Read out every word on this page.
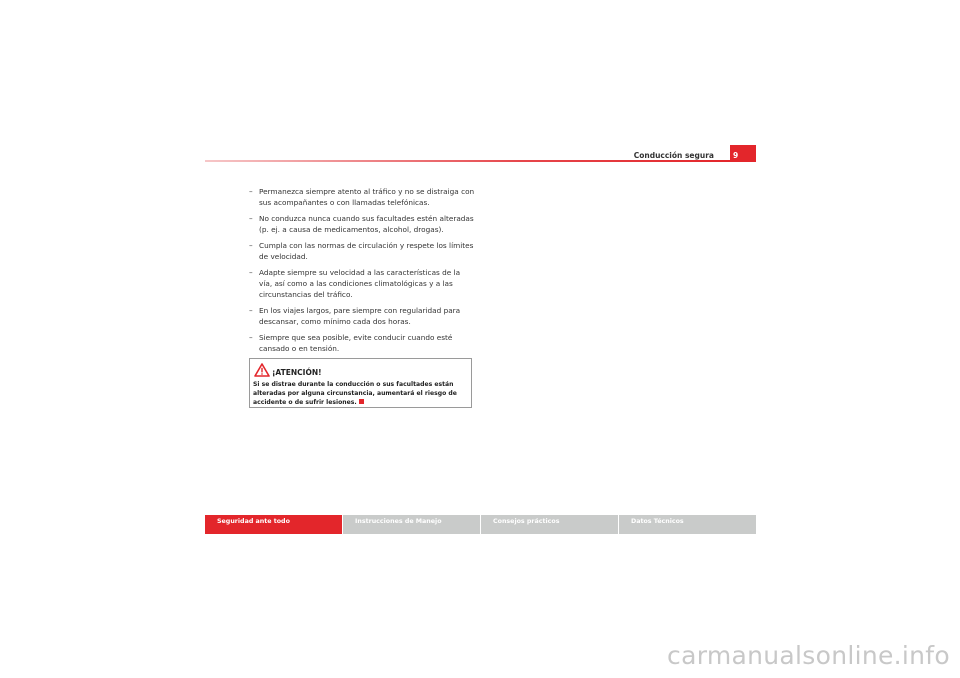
Conducción segura	9
– Permanezca siempre atento al tráfico y no se distraiga con sus acompañantes o con llamadas telefónicas.
– No conduzca nunca cuando sus facultades estén alteradas (p. ej. a causa de medicamentos, alcohol, drogas).
– Cumpla con las normas de circulación y respete los límites de velocidad.
– Adapte siempre su velocidad a las características de la vía, así como a las condiciones climatológicas y a las circunstancias del tráfico.
– En los viajes largos, pare siempre con regularidad para descansar, como mínimo cada dos horas.
– Siempre que sea posible, evite conducir cuando esté cansado o en tensión.
¡ATENCIÓN!
Si se distrae durante la conducción o sus facultades están alteradas por alguna circunstancia, aumentará el riesgo de accidente o de sufrir lesiones.
Seguridad ante todo	Instrucciones de Manejo	Consejos prácticos	Datos Técnicos
carmanualsonline.info
